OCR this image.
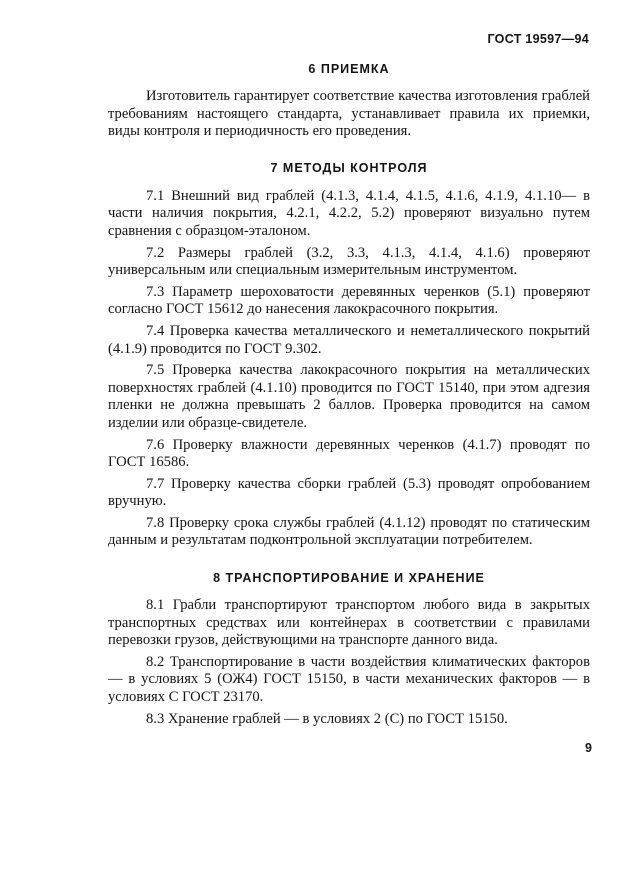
ГОСТ 19597—94
6 ПРИЕМКА

Изготовитель гарантирует соответствие качества изготовления граблей требованиям настоящего стандарта, устанавливает правила их приемки, виды контроля и периодичность его проведения.

7 МЕТОДЫ КОНТРОЛЯ

7.1 Внешний вид граблей (4.1.3, 4.1.4, 4.1.5, 4.1.6, 4.1.9, 4.1.10— в части наличия покрытия, 4.2.1, 4.2.2, 5.2) проверяют визуально путем сравнения с образцом-эталоном.

7.2 Размеры граблей (3.2, 3.3, 4.1.3, 4.1.4, 4.1.6) проверяют универсальным или специальным измерительным инструментом.

7.3 Параметр шероховатости деревянных черенков (5.1) проверяют согласно ГОСТ 15612 до нанесения лакокрасочного покрытия.

7.4 Проверка качества металлического и неметаллического покрытий (4.1.9) проводится по ГОСТ 9.302.

7.5 Проверка качества лакокрасочного покрытия на металлических поверхностях граблей (4.1.10) проводится по ГОСТ 15140, при этом адгезия пленки не должна превышать 2 баллов. Проверка проводится на самом изделии или образце-свидетеле.

7.6 Проверку влажности деревянных черенков (4.1.7) проводят по ГОСТ 16586.

7.7 Проверку качества сборки граблей (5.3) проводят опробованием вручную.

7.8 Проверку срока службы граблей (4.1.12) проводят по статическим данным и результатам подконтрольной эксплуатации потребителем.

8 ТРАНСПОРТИРОВАНИЕ И ХРАНЕНИЕ

8.1 Грабли транспортируют транспортом любого вида в закрытых транспортных средствах или контейнерах в соответствии с правилами перевозки грузов, действующими на транспорте данного вида.

8.2 Транспортирование в части воздействия климатических факторов — в условиях 5 (ОЖ4) ГОСТ 15150, в части механических факторов — в условиях С ГОСТ 23170.

8.3 Хранение граблей — в условиях 2 (С) по ГОСТ 15150.

9
